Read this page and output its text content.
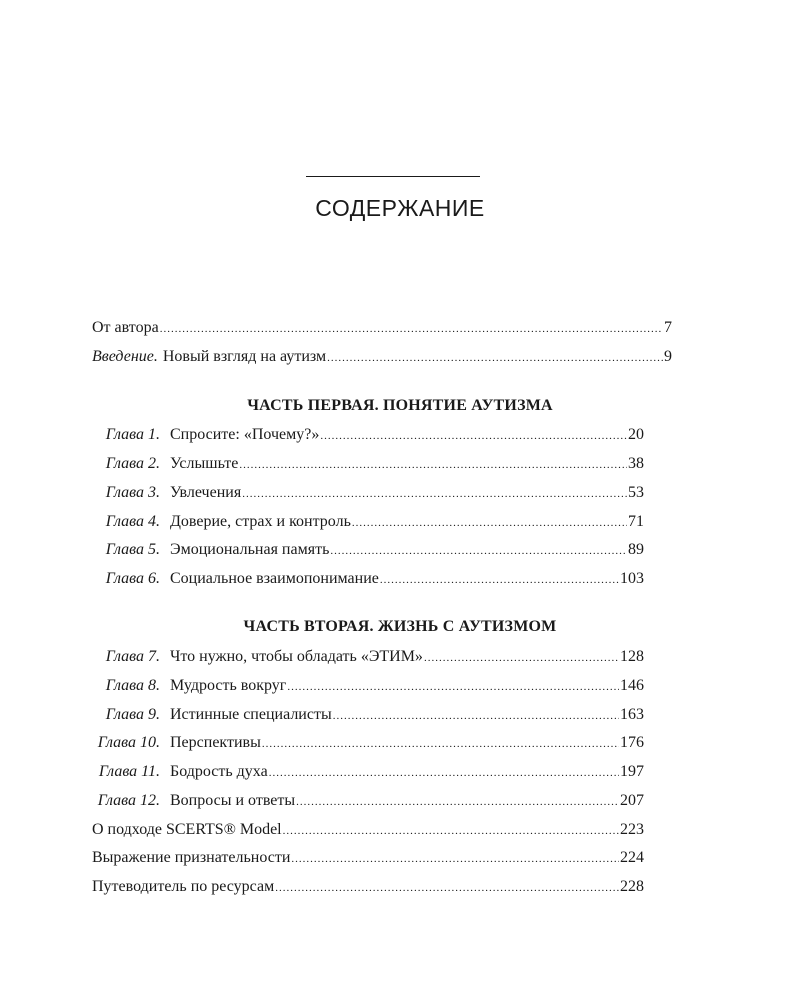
СОДЕРЖАНИЕ
От автора .....	7
Введение. Новый взгляд на аутизм .....	9
ЧАСТЬ ПЕРВАЯ. ПОНЯТИЕ АУТИЗМА
Глава 1. Спросите: «Почему?» .....	20
Глава 2. Услышьте .....	38
Глава 3. Увлечения .....	53
Глава 4. Доверие, страх и контроль .....	71
Глава 5. Эмоциональная память .....	89
Глава 6. Социальное взаимопонимание .....	103
ЧАСТЬ ВТОРАЯ. ЖИЗНЬ С АУТИЗМОМ
Глава 7. Что нужно, чтобы обладать «ЭТИМ» .....	128
Глава 8. Мудрость вокруг .....	146
Глава 9. Истинные специалисты .....	163
Глава 10. Перспективы .....	176
Глава 11. Бодрость духа .....	197
Глава 12. Вопросы и ответы .....	207
О подходе SCERTS® Model .....	223
Выражение признательности .....	224
Путеводитель по ресурсам .....	228
